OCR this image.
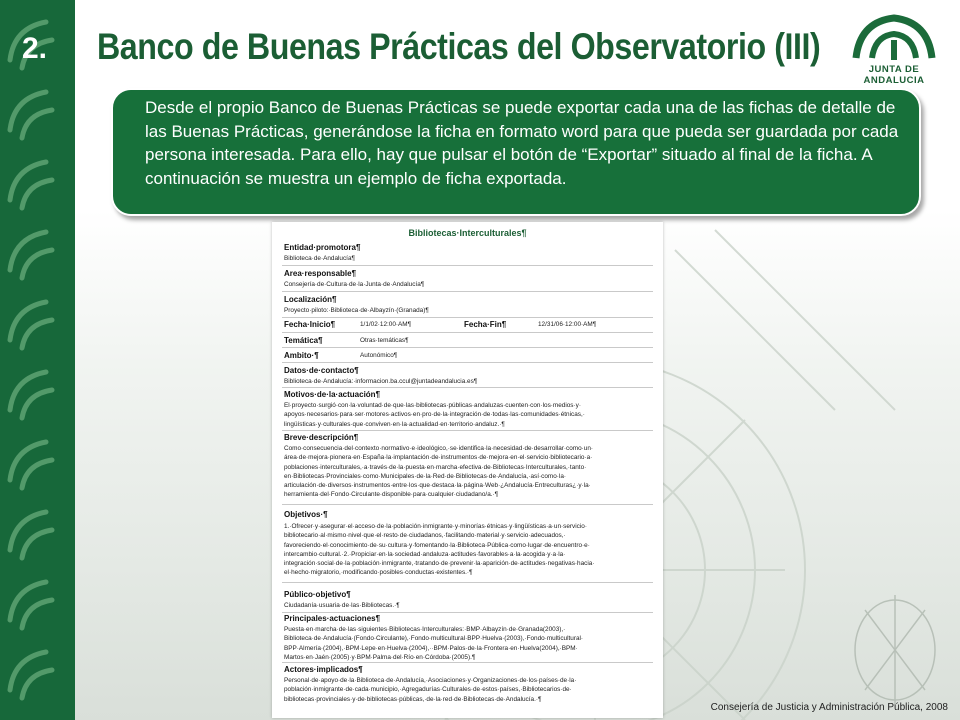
2. Banco de Buenas Prácticas del Observatorio (III)
JUNTA DE ANDALUCIA
Desde el propio Banco de Buenas Prácticas se puede exportar cada una de las fichas de detalle de las Buenas Prácticas, generándose la ficha en formato word para que pueda ser guardada por cada persona interesada. Para ello, hay que pulsar el botón de “Exportar” situado al final de la ficha. A continuación se muestra un ejemplo de ficha exportada.
Bibliotecas·Interculturales¶
Entidad·promotora¶
Biblioteca·de·Andalucía¶
Area·responsable¶
Consejería·de·Cultura·de·la·Junta·de·Andalucía¶
Localización¶
Proyecto·piloto:·Biblioteca·de·Albayzín·(Granada)¶
Fecha·Inicio¶	1/1/02·12:00·AM¶	Fecha·Fin¶	12/31/06·12:00·AM¶
Temática¶	Otras·temáticas¶
Ambito·¶	Autonómico¶
Datos·de·contacto¶
Biblioteca·de·Andalucía:·informacion.ba.ccul@juntadeandalucia.es¶
Motivos·de·la·actuación¶
El·proyecto·surgió·con·la·voluntad·de·que·las·bibliotecas·públicas·andaluzas·cuenten·con·los·medios·y· apoyos·necesarios·para·ser·motores·activos·en·pro·de·la·integración·de·todas·las·comunidades·étnicas,· lingüísticas·y·culturales·que·conviven·en·la·actualidad·en·territorio·andaluz.·¶
Breve·descripción¶
Como·consecuencia·del·contexto·normativo·e·ideológico,·se·identifica·la·necesidad·de·desarrollar·como·un· área·de·mejora·pionera·en·España·la·implantación·de·instrumentos·de·mejora·en·el·servicio·bibliotecario·a· poblaciones·interculturales,·a·través·de·la·puesta·en·marcha·efectiva·de·Bibliotecas·Interculturales,·tanto· en·Bibliotecas·Provinciales·como·Municipales·de·la·Red·de·Bibliotecas·de·Andalucía,·así·como·la· articulación·de·diversos·instrumentos·entre·los·que·destaca·la·página·Web·¿Andalucía·Entreculturas¿·y·la· herramienta·del·Fondo·Circulante·disponible·para·cualquier·ciudadano/a.·¶
Objetivos·¶
1.·Ofrecer·y·asegurar·el·acceso·de·la·población·inmigrante·y·minorías·étnicas·y·lingüísticas·a·un·servicio· bibliotecario·al·mismo·nivel·que·el·resto·de·ciudadanos,·facilitando·material·y·servicio·adecuados,· favoreciendo·el·conocimiento·de·su·cultura·y·fomentando·la·Biblioteca·Pública·como·lugar·de·encuentro·e· intercambio·cultural.·2.·Propiciar·en·la·sociedad·andaluza·actitudes·favorables·a·la·acogida·y·a·la· integración·social·de·la·población·inmigrante,·tratando·de·prevenir·la·aparición·de·actitudes·negativas·hacia· el·hecho·migratorio,·modificando·posibles·conductas·existentes.·¶
Público·objetivo¶
Ciudadanía·usuaria·de·las·Bibliotecas.·¶
Principales·actuaciones¶
Puesta·en·marcha·de·las·siguientes·Bibliotecas·Interculturales:·BMP·Albayzín·de·Granada(2003),· Biblioteca·de·Andalucía·(Fondo·Circulante),·Fondo·multicultural·BPP·Huelva·(2003),·Fondo·multicultural· BPP·Almería·(2004),·BPM·Lepe·en·Huelva·(2004),··BPM·Palos·de·la·Frontera·en·Huelva(2004),·BPM· Martos·en·Jaén·(2005)·y·BPM·Palma·del·Río·en·Córdoba·(2005).¶
Actores·implicados¶
Personal·de·apoyo·de·la·Biblioteca·de·Andalucía,·Asociaciones·y·Organizaciones·de·los·países·de·la· población·inmigrante·de·cada·municipio,·Agregadurías·Culturales·de·estos·países,·Bibliotecarios·de· bibliotecas·provinciales·y·de·bibliotecas·públicas,·de·la·red·de·Bibliotecas·de·Andalucía.·¶
Consejería de Justicia y Administración Pública, 2008
